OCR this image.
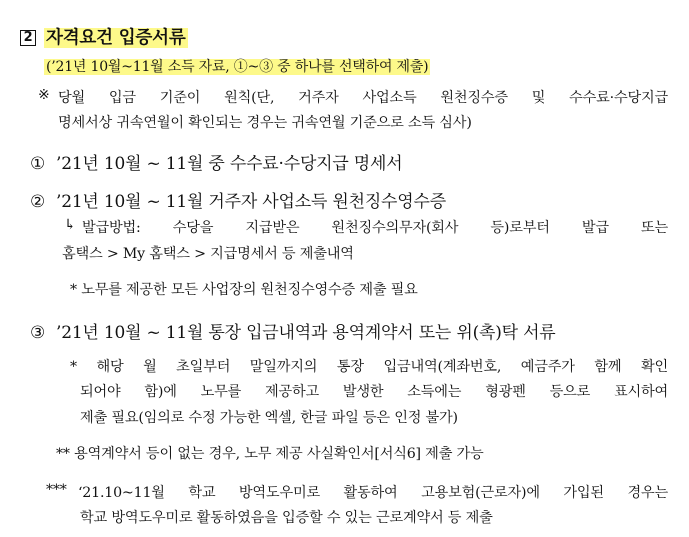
2 자격요건 입증서류
(’21년 10월~11월 소득 자료, ①~③ 중 하나를 선택하여 제출)
※ 당월 입금 기준이 원칙(단, 거주자 사업소득 원천징수증 및 수수료·수당지급
명세서상 귀속연월이 확인되는 경우는 귀속연월 기준으로 소득 심사)
① ’21년 10월 ~ 11월 중 수수료·수당지급 명세서
② ’21년 10월 ~ 11월 거주자 사업소득 원천징수영수증
↳ 발급방법: 수당을 지급받은 원천징수의무자(회사 등)로부터 발급 또는
홈택스 > My 홈택스 > 지급명세서 등 제출내역
* 노무를 제공한 모든 사업장의 원천징수영수증 제출 필요
③ ’21년 10월 ~ 11월 통장 입금내역과 용역계약서 또는 위(촉)탁 서류
* 해당 월 초일부터 말일까지의 통장 입금내역(계좌번호, 예금주가 함께 확인
되어야 함)에 노무를 제공하고 발생한 소득에는 형광펜 등으로 표시하여
제출 필요(임의로 수정 가능한 엑셀, 한글 파일 등은 인정 불가)
** 용역계약서 등이 없는 경우, 노무 제공 사실확인서[서식6] 제출 가능
*** ‘21.10~11월 학교 방역도우미로 활동하여 고용보험(근로자)에 가입된 경우는
학교 방역도우미로 활동하였음을 입증할 수 있는 근로계약서 등 제출
